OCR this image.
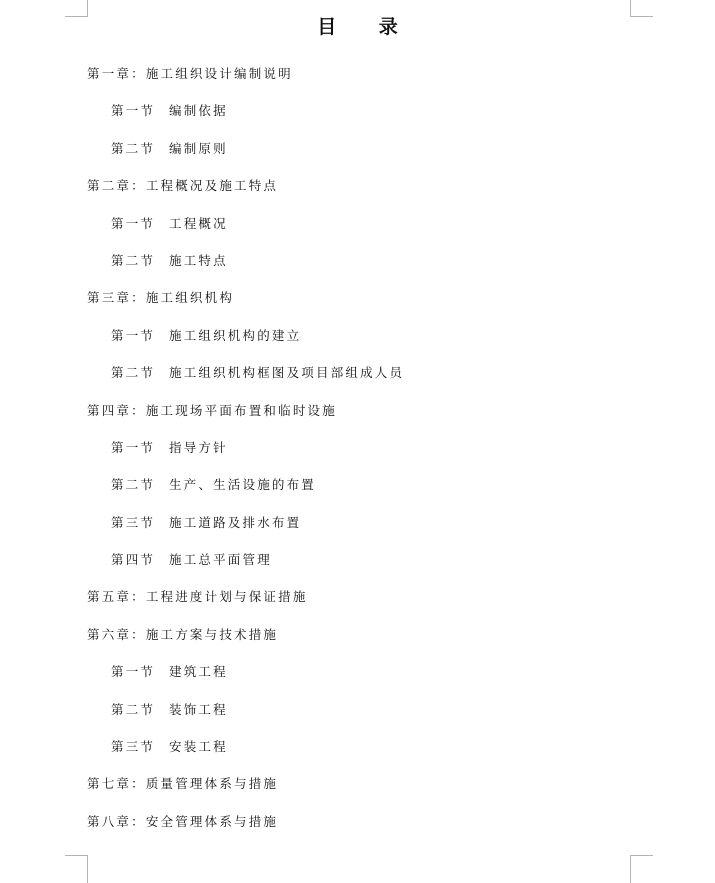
目 录
第一章：施工组织设计编制说明
第一节 编制依据
第二节 编制原则
第二章：工程概况及施工特点
第一节 工程概况
第二节 施工特点
第三章：施工组织机构
第一节 施工组织机构的建立
第二节 施工组织机构框图及项目部组成人员
第四章：施工现场平面布置和临时设施
第一节 指导方针
第二节 生产、生活设施的布置
第三节 施工道路及排水布置
第四节 施工总平面管理
第五章：工程进度计划与保证措施
第六章：施工方案与技术措施
第一节 建筑工程
第二节 装饰工程
第三节 安装工程
第七章：质量管理体系与措施
第八章：安全管理体系与措施
